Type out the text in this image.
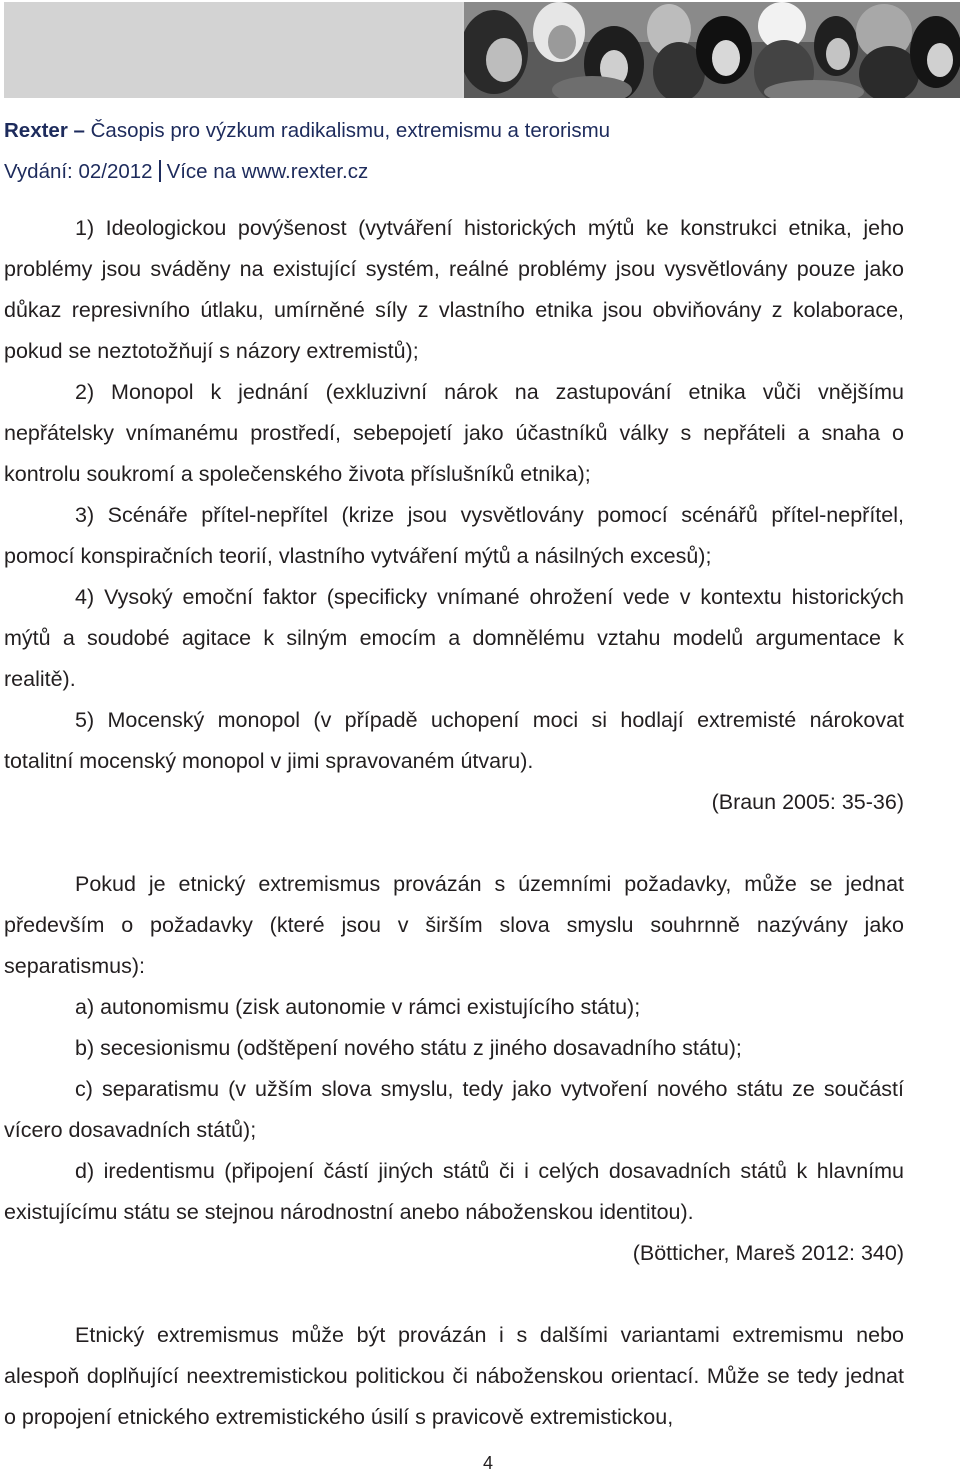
Rexter – Časopis pro výzkum radikalismu, extremismu a terorismu
Vydání: 02/2012 Více na www.rexter.cz

1) Ideologickou povýšenost (vytváření historických mýtů ke konstrukci etnika, jeho problémy jsou sváděny na existující systém, reálné problémy jsou vysvětlovány pouze jako důkaz represivního útlaku, umírněné síly z vlastního etnika jsou obviňovány z kolaborace, pokud se neztotožňují s názory extremistů);

2) Monopol k jednání (exkluzivní nárok na zastupování etnika vůči vnějšímu nepřátelsky vnímanému prostředí, sebepojetí jako účastníků války s nepřáteli a snaha o kontrolu soukromí a společenského života příslušníků etnika);

3) Scénáře přítel-nepřítel (krize jsou vysvětlovány pomocí scénářů přítel-nepřítel, pomocí konspiračních teorií, vlastního vytváření mýtů a násilných excesů);

4) Vysoký emoční faktor (specificky vnímané ohrožení vede v kontextu historických mýtů a soudobé agitace k silným emocím a domnělému vztahu modelů argumentace k realitě).

5) Mocenský monopol (v případě uchopení moci si hodlají extremisté nárokovat totalitní mocenský monopol v jimi spravovaném útvaru).

(Braun 2005: 35-36)

Pokud je etnický extremismus provázán s územními požadavky, může se jednat především o požadavky (které jsou v širším slova smyslu souhrnně nazývány jako separatismus):

a) autonomismu (zisk autonomie v rámci existujícího státu);

b) secesionismu (odštěpení nového státu z jiného dosavadního státu);

c) separatismu (v užším slova smyslu, tedy jako vytvoření nového státu ze součástí vícero dosavadních států);

d) iredentismu (připojení částí jiných států či i celých dosavadních států k hlavnímu existujícímu státu se stejnou národnostní anebo náboženskou identitou).

(Bötticher, Mareš 2012: 340)

Etnický extremismus může být provázán i s dalšími variantami extremismu nebo alespoň doplňující neextremistickou politickou či náboženskou orientací. Může se tedy jednat o propojení etnického extremistického úsilí s pravicově extremistickou,

4
